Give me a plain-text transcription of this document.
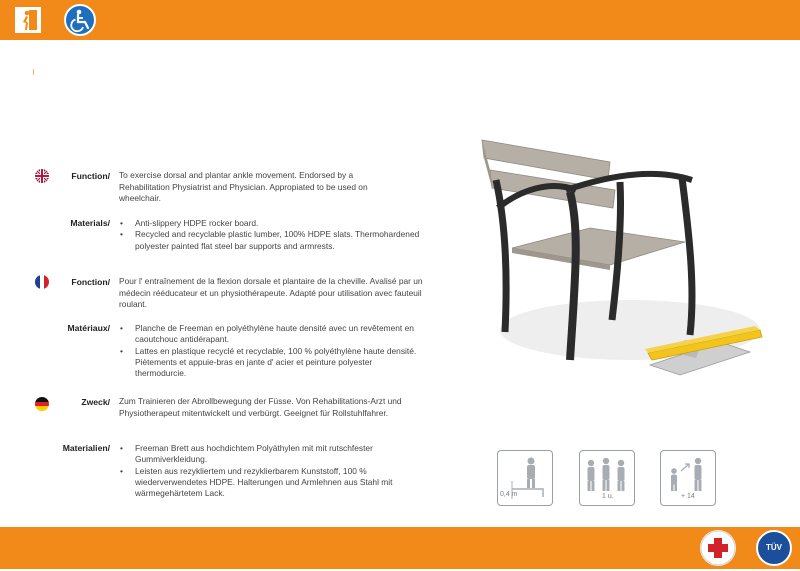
Function/ To exercise dorsal and plantar ankle movement. Endorsed by a Rehabilitation Physiatrist and Physician. Appropiated to be used on wheelchair.
Materials/	• Anti-slippery HDPE rocker board.
• Recycled and recyclable plastic lumber, 100% HDPE slats. Thermohardened polyester painted flat steel bar supports and armrests.
Fonction/ Pour l' entraînement de la flexion dorsale et plantaire de la cheville. Avalisé par un médecin rééducateur et un physiothérapeute. Adapté pour utilisation avec fauteuil roulant.
Matériaux/	• Planche de Freeman en polyéthylène haute densité avec un revêtement en caoutchouc antidérapant.
• Lattes en plastique recyclé et recyclable, 100 % polyéthylène haute densité. Piètements et appuie-bras en jante d' acier et peinture polyester thermodurcie.
Zweck/ Zum Trainieren der Abrollbewegung der Füsse. Von Rehabilitations-Arzt und Physiotherapeut mitentwickelt und verbürgt. Geeignet für Rollstuhlfahrer.
Materialien/	• Freeman Brett aus hochdichtem Polyäthylen mit mit rutschfester Gummiverkleidung.
• Leisten aus rezykliertem und rezyklierbarem Kunststoff, 100 % wiederverwendetes HDPE. Halterungen und Armlehnen aus Stahl mit wärmegehärtetem Lack.	0,4 m	1 u.	+ 14
TÜV
